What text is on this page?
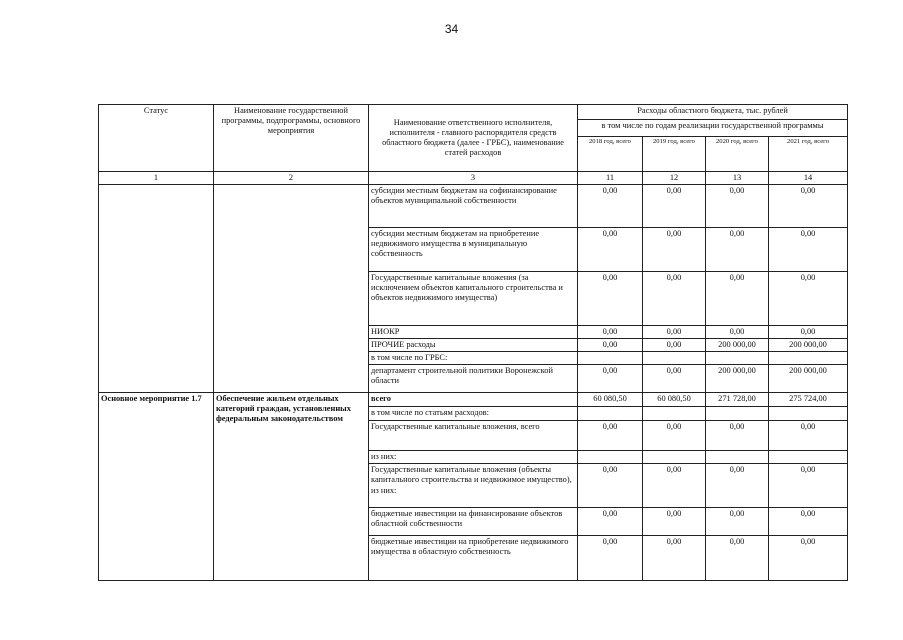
34
Статус	Наименование государственной программы, подпрограммы, основного мероприятия	Наименование ответственного исполнителя, исполнителя - главного распорядителя средств областного бюджета (далее - ГРБС), наименование статей расходов	Расходы областного бюджета, тыс. рублей			
			в том числе по годам реализации государственной программы			
			2018 год, всего	2019 год, всего	2020 год, всего	2021 год, всего
1	2	3	11	12	13	14
		субсидии местным бюджетам на софинансирование объектов муниципальной собственности	0,00	0,00	0,00	0,00
		субсидии местным бюджетам на приобретение недвижимого имущества в муниципальную собственность	0,00	0,00	0,00	0,00
		Государственные капитальные вложения (за исключением объектов капитального строительства и объектов недвижимого имущества)	0,00	0,00	0,00	0,00
		НИОКР	0,00	0,00	0,00	0,00
		ПРОЧИЕ расходы	0,00	0,00	200 000,00	200 000,00
		в том числе по ГРБС:				
		департамент строительной политики Воронежской области	0,00	0,00	200 000,00	200 000,00
Основное мероприятие 1.7	Обеспечение жильем отдельных категорий граждан, установленных федеральным законодательством	всего	60 080,50	60 080,50	271 728,00	275 724,00
		в том числе по статьям расходов:				
		Государственные капитальные вложения, всего	0,00	0,00	0,00	0,00
		из них:				
		Государственные капитальные вложения (объекты капитального строительства и недвижимое имущество), из них:	0,00	0,00	0,00	0,00
		бюджетные инвестиции на финансирование объектов областной собственности	0,00	0,00	0,00	0,00
		бюджетные инвестиции на приобретение недвижимого имущества в областную собственность	0,00	0,00	0,00	0,00
